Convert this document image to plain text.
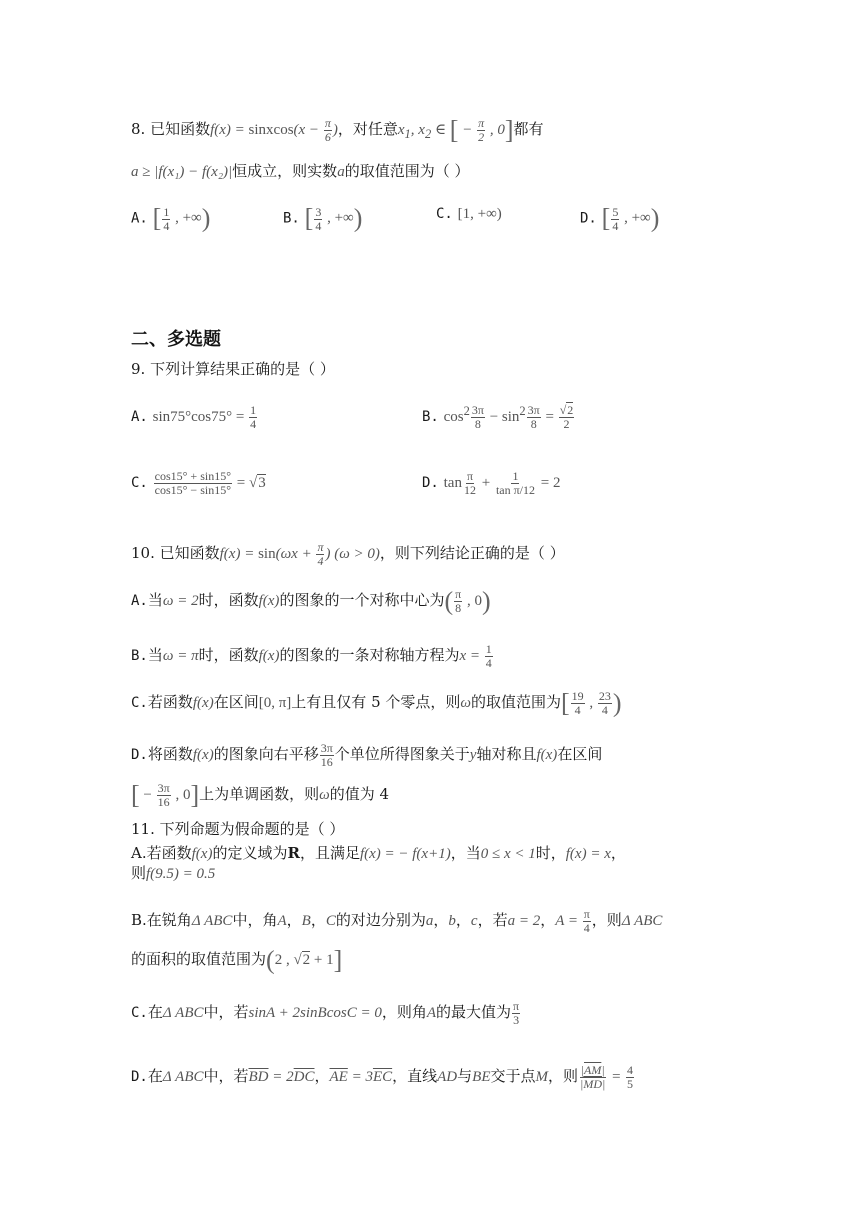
8. 已知函数f(x) = sinxcos(x − $\frac{\pi}{6}$ )，对任意$x_1$, $x_2$ ∈ [ − $\frac{\pi}{2}$ , 0]都有
a ≥ |f(x₁) − f(x₂)|恒成立，则实数a的取值范围为（ ）
A. [ $\frac{1}{4}$ , +∞)	B. [ $\frac{3}{4}$ , +∞)	C. [1, +∞)	D. [ $\frac{5}{4}$ , +∞)
二、多选题
9. 下列计算结果正确的是（ ）
A. $\sin 75^\circ\cos 75^\circ = \frac{1}{4}$	B. $\cos^2 \frac{3\pi}{8} - \sin^2 \frac{3\pi}{8} = \frac{√2}{2}$
C. $\frac{\cos 15^\circ + \sin 15^\circ}{\cos 15^\circ - \sin 15^\circ} = √3$	D. $\tan \frac{\pi}{12} + \frac{1}{\text{tan π/12}} = 2$
10. 已知函数$f(x) = \sin(\omega x + \frac{\pi}{4}$ ) (ω > 0)，则下列结论正确的是（ ）
A.当ω = 2时，函数f(x)的图象的一个对称中心为( $\frac{\pi}{8}$ , 0)
B.当ω = π时，函数f(x)的图象的一条对称轴方程为$x = \frac{1}{4}$
C.若函数f(x)在区间[0, π]上有且仅有 5 个零点，则ω的取值范围为[ $\frac{19}{4}$ , $\frac{23}{4}$ )
D.将函数f(x)的图象向右平移 $\frac{3\pi}{16}$ 个单位所得图象关于y轴对称且f(x)在区间
[ − $\frac{3\pi}{16}$ , 0]上为单调函数，则ω的值为 4
11. 下列命题为假命题的是（ ）
A.若函数f(x)的定义域为R，且满足f(x) = − f(x+1)，当0 ≤ x < 1时，f(x) = x，
则f(9.5) = 0.5
B.在锐角Δ ABC中，角A，B，C的对边分别为a，b，c，若a = 2，$A = \frac{\pi}{4}$ ，则Δ ABC
的面积的取值范围为(2 , √2 + 1]
C.在Δ ABC中，若sinA + 2sinBcosC = 0，则角A的最大值为 $\frac{\pi}{3}$
D.在Δ ABC中，若$\overline{BD} = 2\overline{DC}$，$\overline{AE} = 3\overline{EC}$，直线AD与BE交于点M，则 $\frac{|\overline{AM}|}{|\overline{MD}|} = \frac{4}{5}$
